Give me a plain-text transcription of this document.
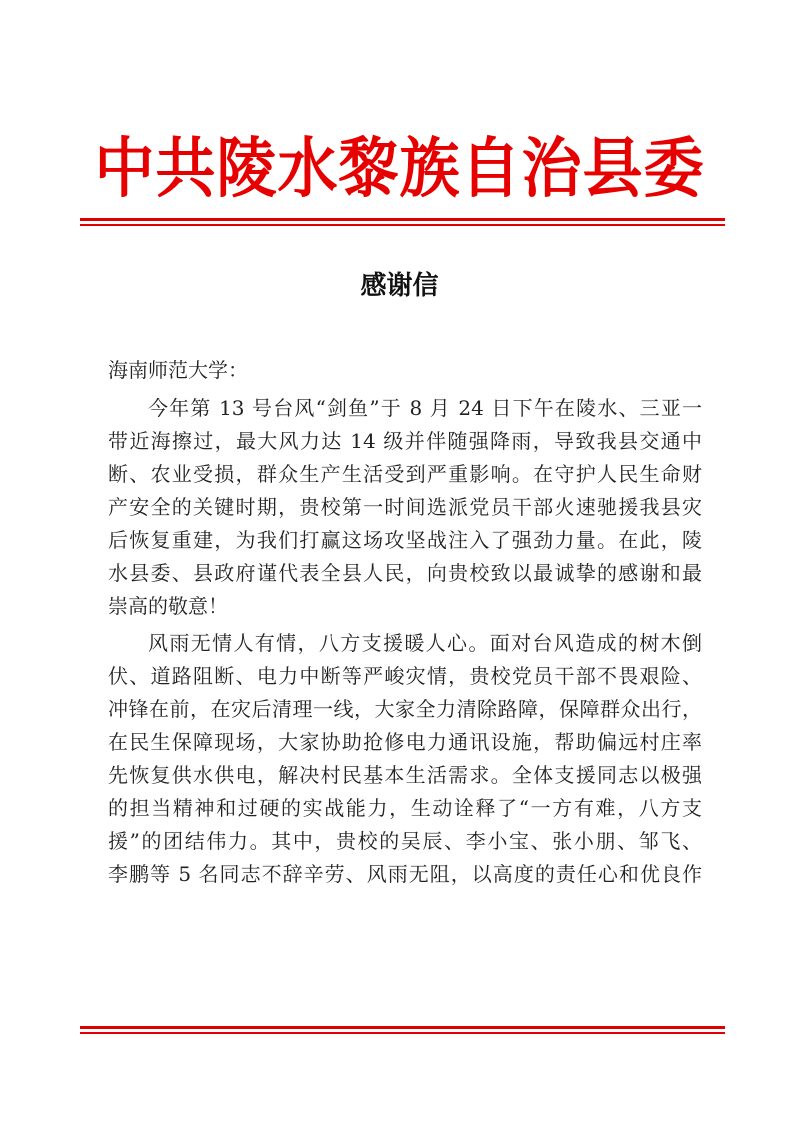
中共陵水黎族自治县委
感谢信
海南师范大学：

今年第 13 号台风“剑鱼”于 8 月 24 日下午在陵水、三亚一
带近海擦过，最大风力达 14 级并伴随强降雨，导致我县交通中
断、农业受损，群众生产生活受到严重影响。在守护人民生命财
产安全的关键时期，贵校第一时间选派党员干部火速驰援我县灾
后恢复重建，为我们打赢这场攻坚战注入了强劲力量。在此，陵
水县委、县政府谨代表全县人民，向贵校致以最诚挚的感谢和最
崇高的敬意！

风雨无情人有情，八方支援暖人心。面对台风造成的树木倒
伏、道路阻断、电力中断等严峻灾情，贵校党员干部不畏艰险、
冲锋在前，在灾后清理一线，大家全力清除路障，保障群众出行，
在民生保障现场，大家协助抢修电力通讯设施，帮助偏远村庄率
先恢复供水供电，解决村民基本生活需求。全体支援同志以极强
的担当精神和过硬的实战能力，生动诠释了“一方有难，八方支
援”的团结伟力。其中，贵校的吴辰、李小宝、张小朋、邹飞、
李鹏等 5 名同志不辞辛劳、风雨无阻，以高度的责任心和优良作
